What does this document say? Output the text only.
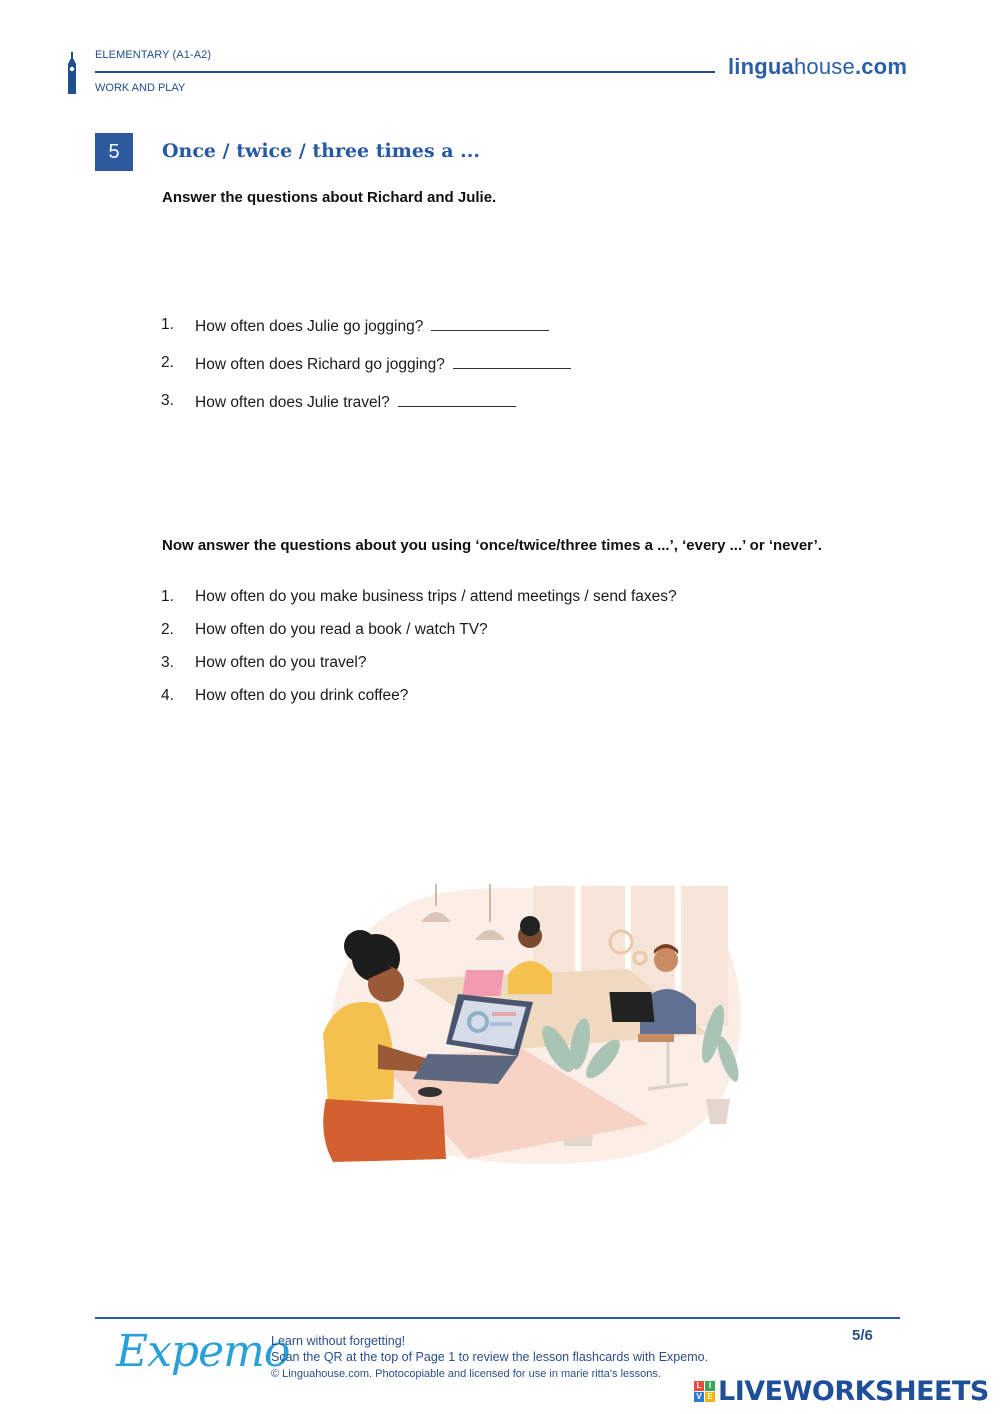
ELEMENTARY (A1-A2)
WORK AND PLAY
linguahouse.com
5	Once / twice / three times a ...
Answer the questions about Richard and Julie.
1. How often does Julie go jogging?
2. How often does Richard go jogging?
3. How often does Julie travel?
Now answer the questions about you using ‘once/twice/three times a ...’, ‘every ...’ or ‘never’.
1. How often do you make business trips / attend meetings / send faxes?
2. How often do you read a book / watch TV?
3. How often do you travel?
4. How often do you drink coffee?
Expemo
Learn without forgetting!
Scan the QR at the top of Page 1 to review the lesson flashcards with Expemo.
© Linguahouse.com. Photocopiable and licensed for use in marie ritta's lessons.
5/6
L I
V E LIVEWORKSHEETS
